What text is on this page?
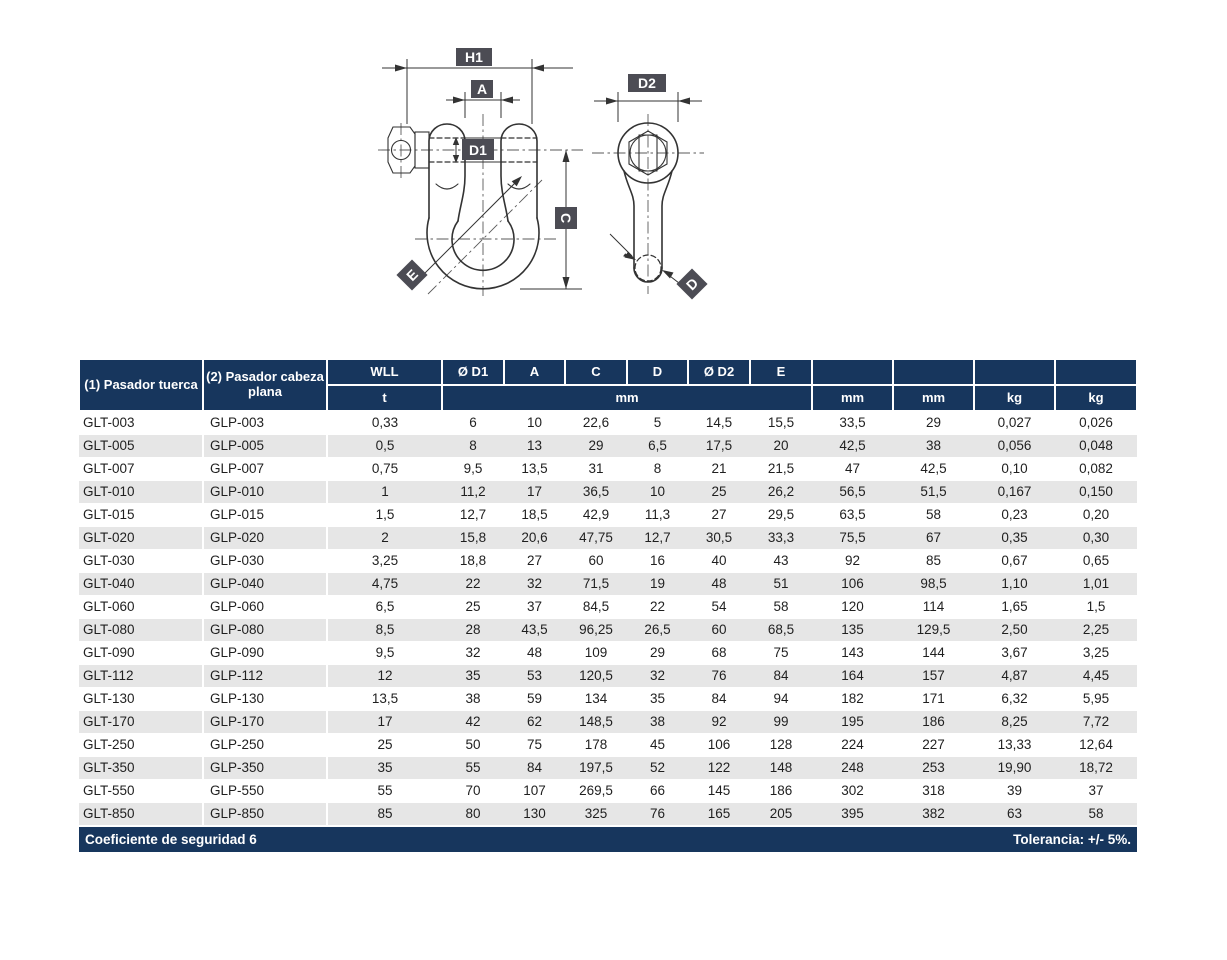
H1
A
D1
C
E
D2
D
(1) Pasador tuerca	(2) Pasador cabeza plana	WLL	Ø D1	A	C	D	Ø D2	E				
		t	mm						mm	mm	kg	kg
GLT-003	GLP-003	0,33	6	10	22,6	5	14,5	15,5	33,5	29	0,027	0,026
GLT-005	GLP-005	0,5	8	13	29	6,5	17,5	20	42,5	38	0,056	0,048
GLT-007	GLP-007	0,75	9,5	13,5	31	8	21	21,5	47	42,5	0,10	0,082
GLT-010	GLP-010	1	11,2	17	36,5	10	25	26,2	56,5	51,5	0,167	0,150
GLT-015	GLP-015	1,5	12,7	18,5	42,9	11,3	27	29,5	63,5	58	0,23	0,20
GLT-020	GLP-020	2	15,8	20,6	47,75	12,7	30,5	33,3	75,5	67	0,35	0,30
GLT-030	GLP-030	3,25	18,8	27	60	16	40	43	92	85	0,67	0,65
GLT-040	GLP-040	4,75	22	32	71,5	19	48	51	106	98,5	1,10	1,01
GLT-060	GLP-060	6,5	25	37	84,5	22	54	58	120	114	1,65	1,5
GLT-080	GLP-080	8,5	28	43,5	96,25	26,5	60	68,5	135	129,5	2,50	2,25
GLT-090	GLP-090	9,5	32	48	109	29	68	75	143	144	3,67	3,25
GLT-112	GLP-112	12	35	53	120,5	32	76	84	164	157	4,87	4,45
GLT-130	GLP-130	13,5	38	59	134	35	84	94	182	171	6,32	5,95
GLT-170	GLP-170	17	42	62	148,5	38	92	99	195	186	8,25	7,72
GLT-250	GLP-250	25	50	75	178	45	106	128	224	227	13,33	12,64
GLT-350	GLP-350	35	55	84	197,5	52	122	148	248	253	19,90	18,72
GLT-550	GLP-550	55	70	107	269,5	66	145	186	302	318	39	37
GLT-850	GLP-850	85	80	130	325	76	165	205	395	382	63	58

Coeficiente de seguridad 6 Tolerancia: +/- 5%.												
